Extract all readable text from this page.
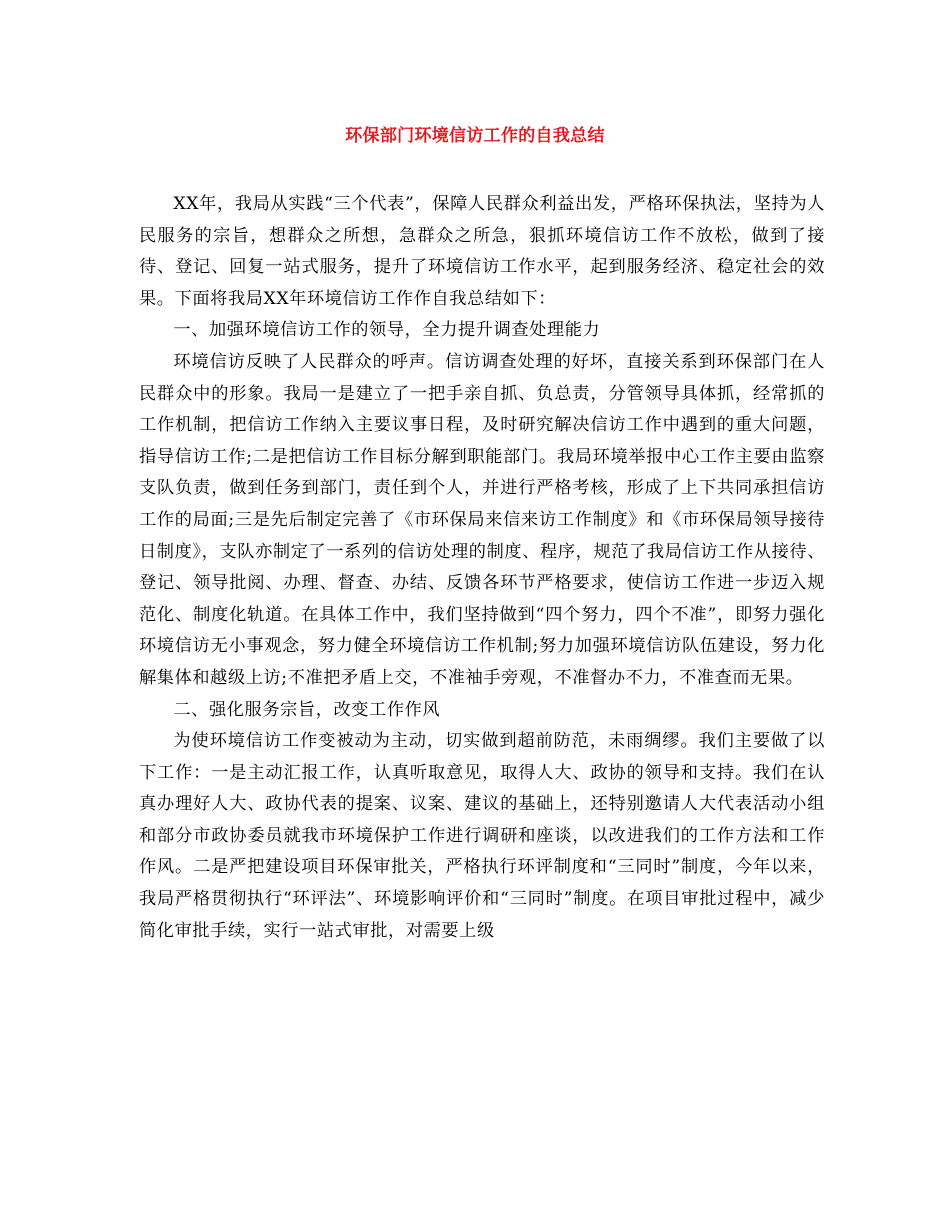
环保部门环境信访工作的自我总结

XX年，我局从实践“三个代表”，保障人民群众利益出发，严格环保执法，坚持为人民服务的宗旨，想群众之所想，急群众之所急，狠抓环境信访工作不放松，做到了接待、登记、回复一站式服务，提升了环境信访工作水平，起到服务经济、稳定社会的效果。下面将我局XX年环境信访工作作自我总结如下：

一、加强环境信访工作的领导，全力提升调查处理能力

环境信访反映了人民群众的呼声。信访调查处理的好坏，直接关系到环保部门在人民群众中的形象。我局一是建立了一把手亲自抓、负总责，分管领导具体抓，经常抓的工作机制，把信访工作纳入主要议事日程，及时研究解决信访工作中遇到的重大问题，指导信访工作;二是把信访工作目标分解到职能部门。我局环境举报中心工作主要由监察支队负责，做到任务到部门，责任到个人，并进行严格考核，形成了上下共同承担信访工作的局面;三是先后制定完善了《市环保局来信来访工作制度》和《市环保局领导接待日制度》，支队亦制定了一系列的信访处理的制度、程序，规范了我局信访工作从接待、登记、领导批阅、办理、督查、办结、反馈各环节严格要求，使信访工作进一步迈入规范化、制度化轨道。在具体工作中，我们坚持做到“四个努力，四个不准”，即努力强化环境信访无小事观念，努力健全环境信访工作机制;努力加强环境信访队伍建设，努力化解集体和越级上访;不准把矛盾上交，不准袖手旁观，不准督办不力，不准查而无果。

二、强化服务宗旨，改变工作作风

为使环境信访工作变被动为主动，切实做到超前防范，未雨绸缪。我们主要做了以下工作：一是主动汇报工作，认真听取意见，取得人大、政协的领导和支持。我们在认真办理好人大、政协代表的提案、议案、建议的基础上，还特别邀请人大代表活动小组和部分市政协委员就我市环境保护工作进行调研和座谈，以改进我们的工作方法和工作作风。二是严把建设项目环保审批关，严格执行环评制度和“三同时”制度，今年以来，我局严格贯彻执行“环评法”、环境影响评价和“三同时”制度。在项目审批过程中，减少简化审批手续，实行一站式审批，对需要上级
